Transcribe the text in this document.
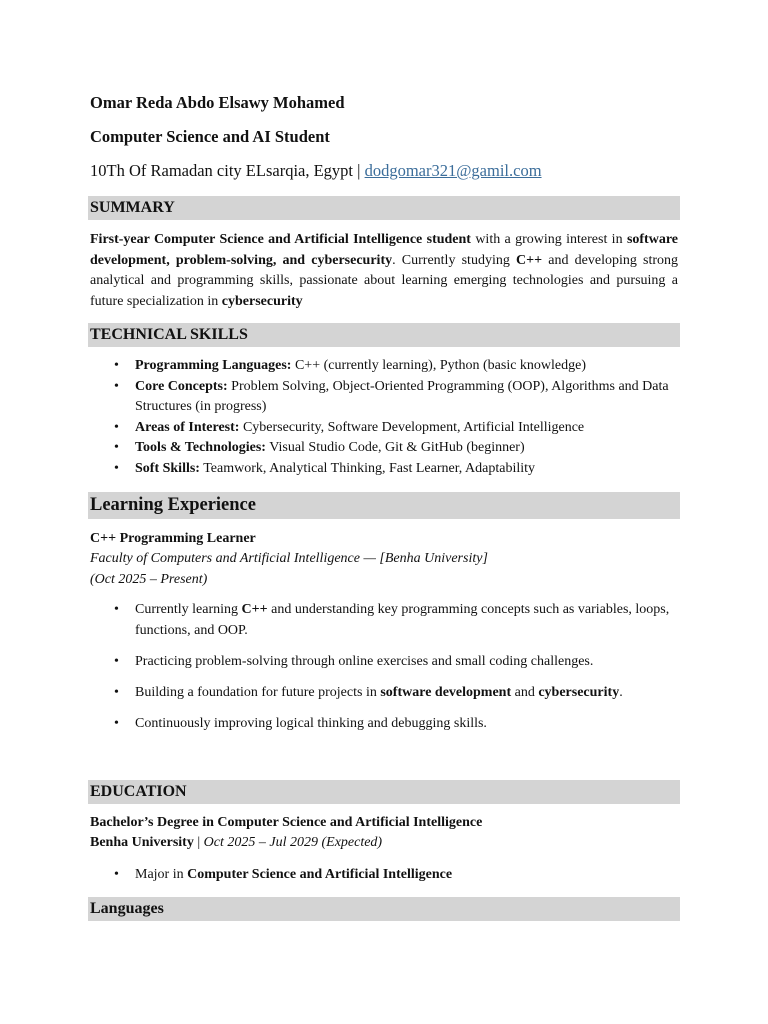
Omar Reda Abdo Elsawy Mohamed

Computer Science and AI Student

10Th Of Ramadan city ELsarqia, Egypt | dodgomar321@gamil.com

SUMMARY

First-year Computer Science and Artificial Intelligence student with a growing interest in software development, problem-solving, and cybersecurity. Currently studying C++ and developing strong analytical and programming skills, passionate about learning emerging technologies and pursuing a future specialization in cybersecurity

TECHNICAL SKILLS
• Programming Languages: C++ (currently learning), Python (basic knowledge)
• Core Concepts: Problem Solving, Object-Oriented Programming (OOP), Algorithms and Data Structures (in progress)
• Areas of Interest: Cybersecurity, Software Development, Artificial Intelligence
• Tools & Technologies: Visual Studio Code, Git & GitHub (beginner)
• Soft Skills: Teamwork, Analytical Thinking, Fast Learner, Adaptability
Learning Experience
C++ Programming Learner
Faculty of Computers and Artificial Intelligence — [Benha University]
(Oct 2025 – Present)
• Currently learning C++ and understanding key programming concepts such as variables, loops, functions, and OOP.
• Practicing problem-solving through online exercises and small coding challenges.
• Building a foundation for future projects in software development and cybersecurity.
• Continuously improving logical thinking and debugging skills.
EDUCATION
Bachelor’s Degree in Computer Science and Artificial Intelligence
Benha University | Oct 2025 – Jul 2029 (Expected)
• Major in Computer Science and Artificial Intelligence
Languages
